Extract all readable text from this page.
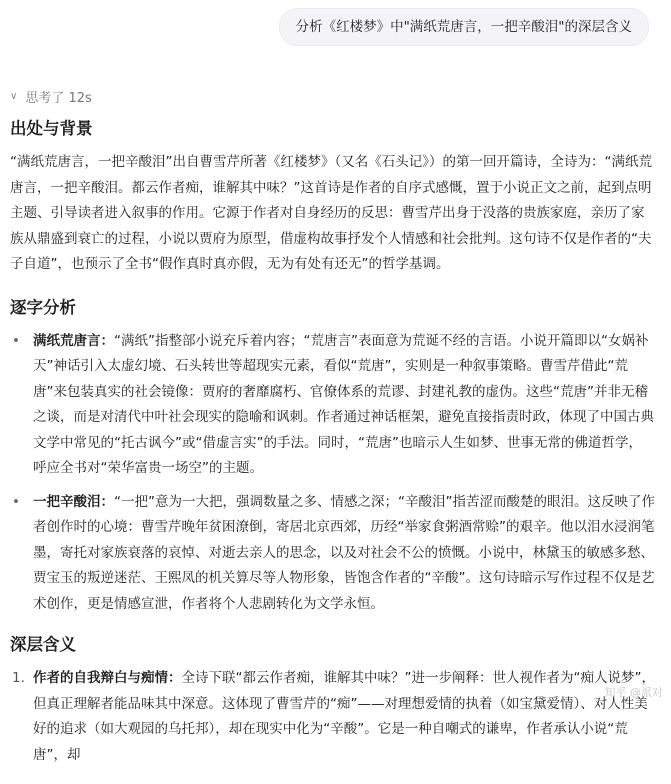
分析《红楼梦》中"满纸荒唐言，一把辛酸泪"的深层含义
∨ 思考了 12s
出处与背景

“满纸荒唐言，一把辛酸泪”出自曹雪芹所著《红楼梦》（又名《石头记》）的第一回开篇诗，全诗为：“满纸荒唐言，一把辛酸泪。都云作者痴，谁解其中味？”这首诗是作者的自序式感慨，置于小说正文之前，起到点明主题、引导读者进入叙事的作用。它源于作者对自身经历的反思：曹雪芹出身于没落的贵族家庭，亲历了家族从鼎盛到衰亡的过程，小说以贾府为原型，借虚构故事抒发个人情感和社会批判。这句诗不仅是作者的“夫子自道”，也预示了全书“假作真时真亦假，无为有处有还无”的哲学基调。

逐字分析
• 满纸荒唐言：“满纸”指整部小说充斥着内容；“荒唐言”表面意为荒诞不经的言语。小说开篇即以“女娲补天”神话引入太虚幻境、石头转世等超现实元素，看似“荒唐”，实则是一种叙事策略。曹雪芹借此“荒唐”来包装真实的社会镜像：贾府的奢靡腐朽、官僚体系的荒谬、封建礼教的虚伪。这些“荒唐”并非无稽之谈，而是对清代中叶社会现实的隐喻和讽刺。作者通过神话框架，避免直接指责时政，体现了中国古典文学中常见的“托古讽今”或“借虚言实”的手法。同时，“荒唐”也暗示人生如梦、世事无常的佛道哲学，呼应全书对“荣华富贵一场空”的主题。
• 一把辛酸泪：“一把”意为一大把，强调数量之多、情感之深；“辛酸泪”指苦涩而酸楚的眼泪。这反映了作者创作时的心境：曹雪芹晚年贫困潦倒，寄居北京西郊，历经“举家食粥酒常赊”的艰辛。他以泪水浸润笔墨，寄托对家族衰落的哀悼、对逝去亲人的思念，以及对社会不公的愤慨。小说中，林黛玉的敏感多愁、贾宝玉的叛逆迷茫、王熙凤的机关算尽等人物形象，皆饱含作者的“辛酸”。这句诗暗示写作过程不仅是艺术创作，更是情感宣泄，作者将个人悲剧转化为文学永恒。
深层含义
1. 作者的自我辩白与痴情：全诗下联“都云作者痴，谁解其中味？”进一步阐释：世人视作者为“痴人说梦”，但真正理解者能品味其中深意。这体现了曹雪芹的“痴”——对理想爱情的执着（如宝黛爱情）、对人性美好的追求（如大观园的乌托邦），却在现实中化为“辛酸”。它是一种自嘲式的谦卑，作者承认小说“荒唐”，却
知乎 @派对
